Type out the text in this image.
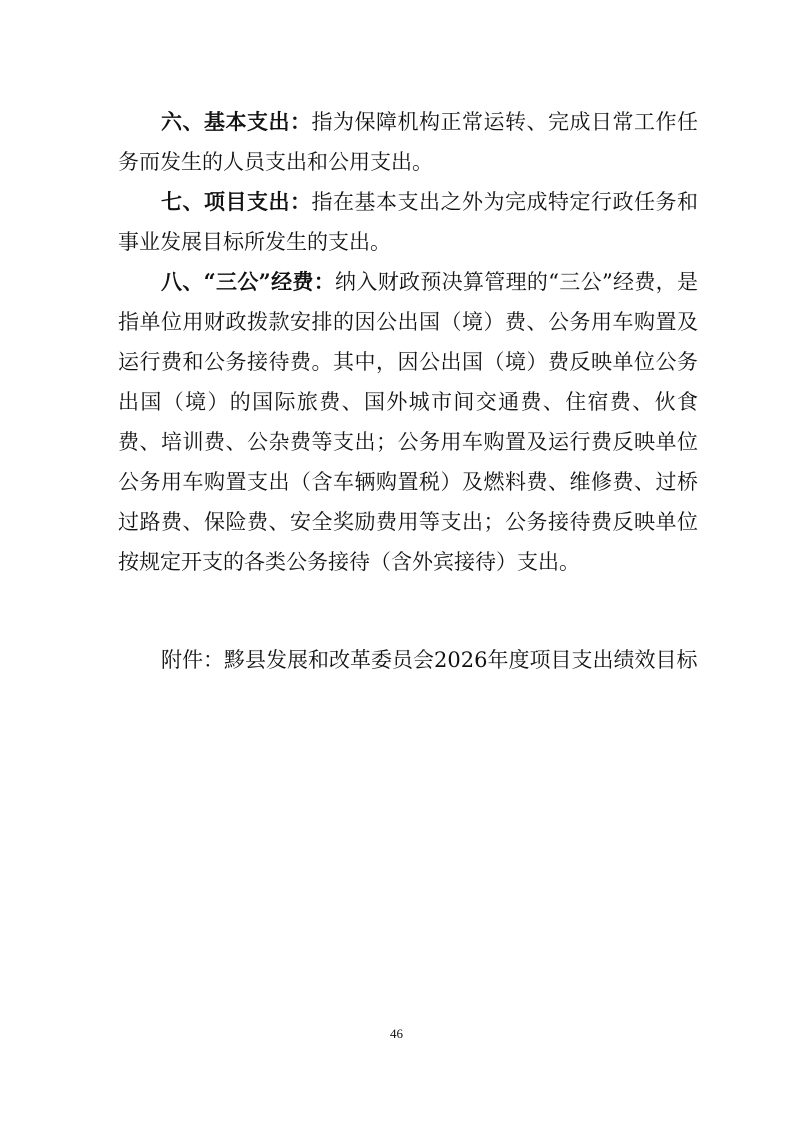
六、基本支出：指为保障机构正常运转、完成日常工作任务而发生的人员支出和公用支出。

七、项目支出：指在基本支出之外为完成特定行政任务和事业发展目标所发生的支出。

八、“三公”经费：纳入财政预决算管理的“三公”经费，是指单位用财政拨款安排的因公出国（境）费、公务用车购置及运行费和公务接待费。其中，因公出国（境）费反映单位公务出国（境）的国际旅费、国外城市间交通费、住宿费、伙食费、培训费、公杂费等支出；公务用车购置及运行费反映单位公务用车购置支出（含车辆购置税）及燃料费、维修费、过桥过路费、保险费、安全奖励费用等支出；公务接待费反映单位按规定开支的各类公务接待（含外宾接待）支出。

附件：黟县发展和改革委员会2026年度项目支出绩效目标

46
